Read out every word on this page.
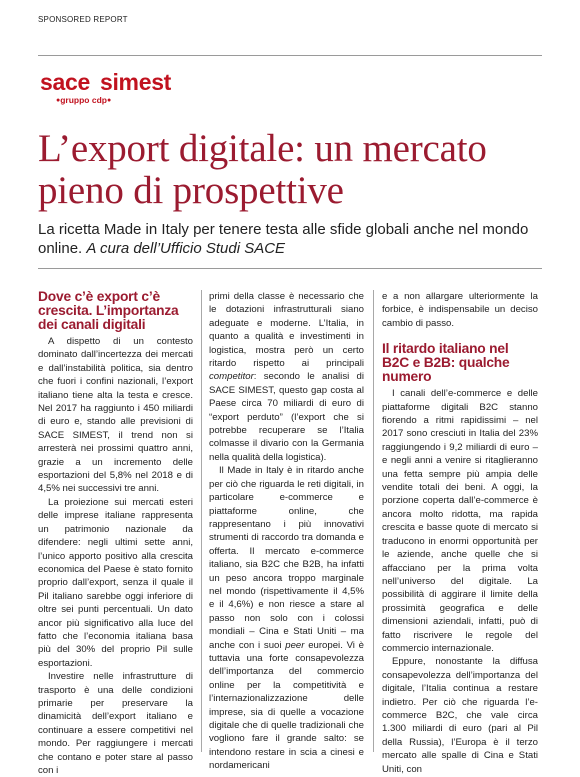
SPONSORED REPORT
sace simest
●gruppo cdp●
L’export digitale: un mercato pieno di prospettive
La ricetta Made in Italy per tenere testa alle sfide globali anche nel mondo online. A cura dell’Ufficio Studi SACE
Dove c’è export c’è crescita. L’importanza dei canali digitali

A dispetto di un contesto dominato dall’incertezza dei mercati e dall’instabilità politica, sia dentro che fuori i confini nazionali, l’export italiano tiene alta la testa e cresce. Nel 2017 ha raggiunto i 450 miliardi di euro e, stando alle previsioni di SACE SIMEST, il trend non si arresterà nei prossimi quattro anni, grazie a un incremento delle esportazioni del 5,8% nel 2018 e di 4,5% nei successivi tre anni.

La proiezione sui mercati esteri delle imprese italiane rappresenta un patrimonio nazionale da difendere: negli ultimi sette anni, l’unico apporto positivo alla crescita economica del Paese è stato fornito proprio dall’export, senza il quale il Pil italiano sarebbe oggi inferiore di oltre sei punti percentuali. Un dato ancor più significativo alla luce del fatto che l’economia italiana basa più del 30% del proprio Pil sulle esportazioni.

Investire nelle infrastrutture di trasporto è una delle condizioni primarie per preservare la dinamicità dell’export italiano e continuare a essere competitivi nel mondo. Per raggiungere i mercati che contano e poter stare al passo con i

primi della classe è necessario che le dotazioni infrastrutturali siano adeguate e moderne. L’Italia, in quanto a qualità e investimenti in logistica, mostra però un certo ritardo rispetto ai principali competitor: secondo le analisi di SACE SIMEST, questo gap costa al Paese circa 70 miliardi di euro di “export perduto” (l’export che si potrebbe recuperare se l’Italia colmasse il divario con la Germania nella qualità della logistica).

Il Made in Italy è in ritardo anche per ciò che riguarda le reti digitali, in particolare e-commerce e piattaforme online, che rappresentano i più innovativi strumenti di raccordo tra domanda e offerta. Il mercato e-commerce italiano, sia B2C che B2B, ha infatti un peso ancora troppo marginale nel mondo (rispettivamente il 4,5% e il 4,6%) e non riesce a stare al passo non solo con i colossi mondiali – Cina e Stati Uniti – ma anche con i suoi peer europei. Vi è tuttavia una forte consapevolezza dell’importanza del commercio online per la competitività e l’internazionalizzazione delle imprese, sia di quelle a vocazione digitale che di quelle tradizionali che vogliono fare il grande salto: se intendono restare in scia a cinesi e nordamericani

e a non allargare ulteriormente la forbice, è indispensabile un deciso cambio di passo.

Il ritardo italiano nel B2C e B2B: qualche numero

I canali dell’e-commerce e delle piattaforme digitali B2C stanno fiorendo a ritmi rapidissimi – nel 2017 sono cresciuti in Italia del 23% raggiungendo i 9,2 miliardi di euro – e negli anni a venire si ritaglieranno una fetta sempre più ampia delle vendite totali dei beni. A oggi, la porzione coperta dall’e-commerce è ancora molto ridotta, ma rapida crescita e basse quote di mercato si traducono in enormi opportunità per le aziende, anche quelle che si affacciano per la prima volta nell’universo del digitale. La possibilità di aggirare il limite della prossimità geografica e delle dimensioni aziendali, infatti, può di fatto riscrivere le regole del commercio internazionale.

Eppure, nonostante la diffusa consapevolezza dell’importanza del digitale, l’Italia continua a restare indietro. Per ciò che riguarda l’e-commerce B2C, che vale circa 1.300 miliardi di euro (pari al Pil della Russia), l’Europa è il terzo mercato alle spalle di Cina e Stati Uniti, con
